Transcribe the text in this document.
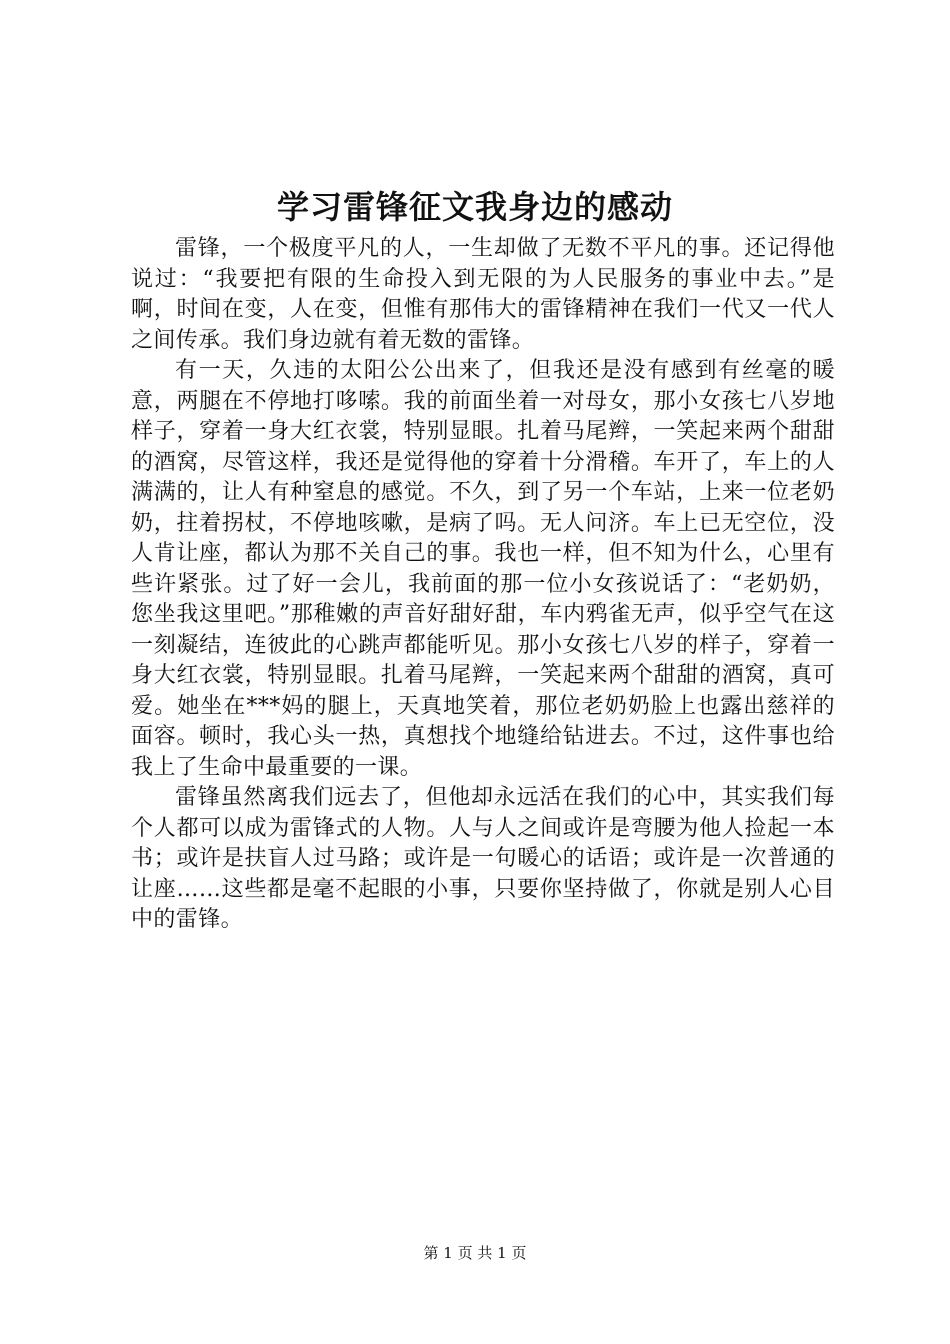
学习雷锋征文我身边的感动

雷锋，一个极度平凡的人，一生却做了无数不平凡的事。还记得他说过：“我要把有限的生命投入到无限的为人民服务的事业中去。”是啊，时间在变，人在变，但惟有那伟大的雷锋精神在我们一代又一代人之间传承。我们身边就有着无数的雷锋。

有一天，久违的太阳公公出来了，但我还是没有感到有丝毫的暖意，两腿在不停地打哆嗦。我的前面坐着一对母女，那小女孩七八岁地样子，穿着一身大红衣裳，特别显眼。扎着马尾辫，一笑起来两个甜甜的酒窝，尽管这样，我还是觉得他的穿着十分滑稽。车开了，车上的人满满的，让人有种窒息的感觉。不久，到了另一个车站，上来一位老奶奶，拄着拐杖，不停地咳嗽，是病了吗。无人问济。车上已无空位，没人肯让座，都认为那不关自己的事。我也一样，但不知为什么，心里有些许紧张。过了好一会儿，我前面的那一位小女孩说话了：“老奶奶，您坐我这里吧。”那稚嫩的声音好甜好甜，车内鸦雀无声，似乎空气在这一刻凝结，连彼此的心跳声都能听见。那小女孩七八岁的样子，穿着一身大红衣裳，特别显眼。扎着马尾辫，一笑起来两个甜甜的酒窝，真可爱。她坐在***妈的腿上，天真地笑着，那位老奶奶脸上也露出慈祥的面容。顿时，我心头一热，真想找个地缝给钻进去。不过，这件事也给我上了生命中最重要的一课。

雷锋虽然离我们远去了，但他却永远活在我们的心中，其实我们每个人都可以成为雷锋式的人物。人与人之间或许是弯腰为他人捡起一本书；或许是扶盲人过马路；或许是一句暖心的话语；或许是一次普通的让座……这些都是毫不起眼的小事，只要你坚持做了，你就是别人心目中的雷锋。

第 1 页 共 1 页
